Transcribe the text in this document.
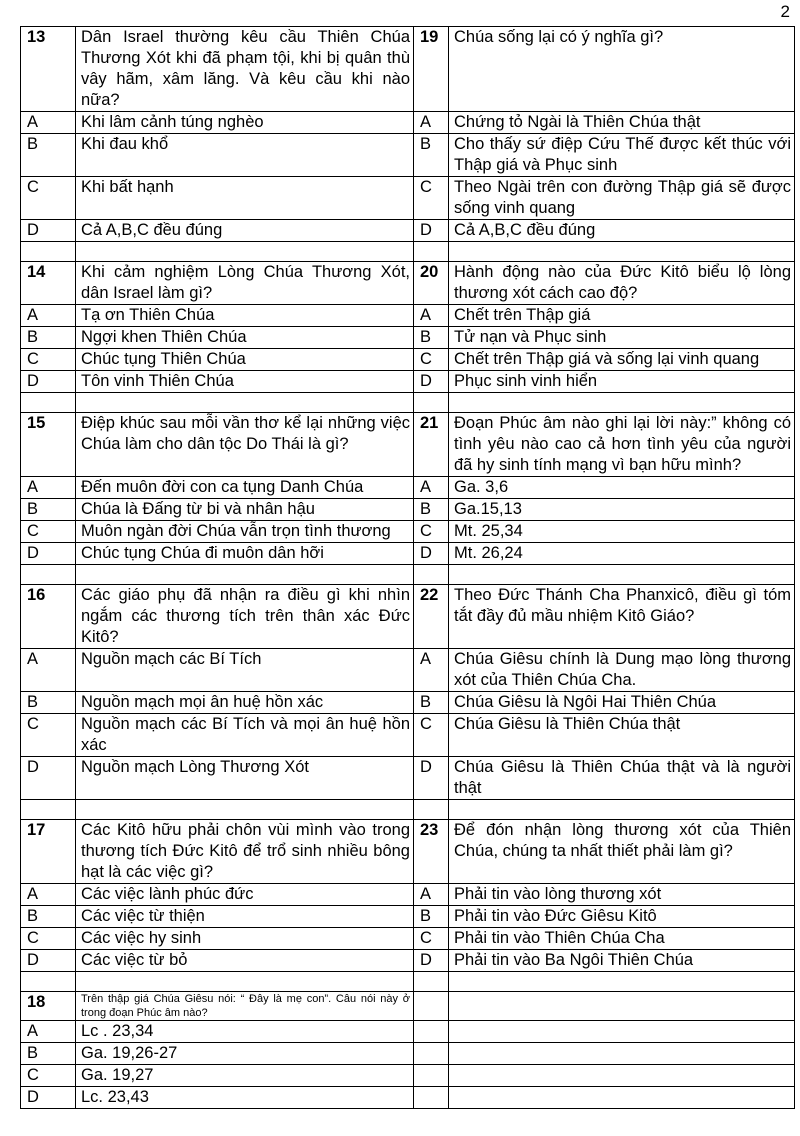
2
13	Dân Israel thường kêu cầu Thiên Chúa Thương Xót khi đã phạm tội, khi bị quân thù vây hãm, xâm lăng. Và kêu cầu khi nào nữa?	19	Chúa sống lại có ý nghĩa gì?
A	Khi lâm cảnh túng nghèo	A	Chứng tỏ Ngài là Thiên Chúa thật
B	Khi đau khổ	B	Cho thấy sứ điệp Cứu Thế được kết thúc với Thập giá và Phục sinh
C	Khi bất hạnh	C	Theo Ngài trên con đường Thập giá sẽ được sống vinh quang
D	Cả A,B,C đều đúng	D	Cả A,B,C đều đúng

14	Khi cảm nghiệm Lòng Chúa Thương Xót, dân Israel làm gì?	20	Hành động nào của Đức Kitô biểu lộ lòng thương xót cách cao độ?
A	Tạ ơn Thiên Chúa	A	Chết trên Thập giá
B	Ngợi khen Thiên Chúa	B	Tử nạn và Phục sinh
C	Chúc tụng Thiên Chúa	C	Chết trên Thập giá và sống lại vinh quang
D	Tôn vinh Thiên Chúa	D	Phục sinh vinh hiển

15	Điệp khúc sau mỗi vần thơ kể lại những việc Chúa làm cho dân tộc Do Thái là gì?	21	Đoạn Phúc âm nào ghi lại lời này:” không có tình yêu nào cao cả hơn tình yêu của người đã hy sinh tính mạng vì bạn hữu mình?
A	Đến muôn đời con ca tụng Danh Chúa	A	Ga. 3,6
B	Chúa là Đấng từ bi và nhân hậu	B	Ga.15,13
C	Muôn ngàn đời Chúa vẫn trọn tình thương	C	Mt. 25,34
D	Chúc tụng Chúa đi muôn dân hỡi	D	Mt. 26,24

16	Các giáo phụ đã nhận ra điều gì khi nhìn ngắm các thương tích trên thân xác Đức Kitô?	22	Theo Đức Thánh Cha Phanxicô, điều gì tóm tắt đầy đủ mầu nhiệm Kitô Giáo?
A	Nguồn mạch các Bí Tích	A	Chúa Giêsu chính là Dung mạo lòng thương xót của Thiên Chúa Cha.
B	Nguồn mạch mọi ân huệ hồn xác	B	Chúa Giêsu là Ngôi Hai Thiên Chúa
C	Nguồn mạch các Bí Tích và mọi ân huệ hồn xác	C	Chúa Giêsu là Thiên Chúa thật
D	Nguồn mạch Lòng Thương Xót	D	Chúa Giêsu là Thiên Chúa thật và là người thật

17	Các Kitô hữu phải chôn vùi mình vào trong thương tích Đức Kitô để trổ sinh nhiều bông hạt là các việc gì?	23	Để đón nhận lòng thương xót của Thiên Chúa, chúng ta nhất thiết phải làm gì?
A	Các việc lành phúc đức	A	Phải tin vào lòng thương xót
B	Các việc từ thiện	B	Phải tin vào Đức Giêsu Kitô
C	Các việc hy sinh	C	Phải tin vào Thiên Chúa Cha
D	Các việc từ bỏ	D	Phải tin vào Ba Ngôi Thiên Chúa

18	Trên thập giá Chúa Giêsu nói: “ Đây là mẹ con”. Câu nói này ở trong đoạn Phúc âm nào?		
A	Lc . 23,34		
B	Ga. 19,26-27		
C	Ga. 19,27		
D	Lc. 23,43		
